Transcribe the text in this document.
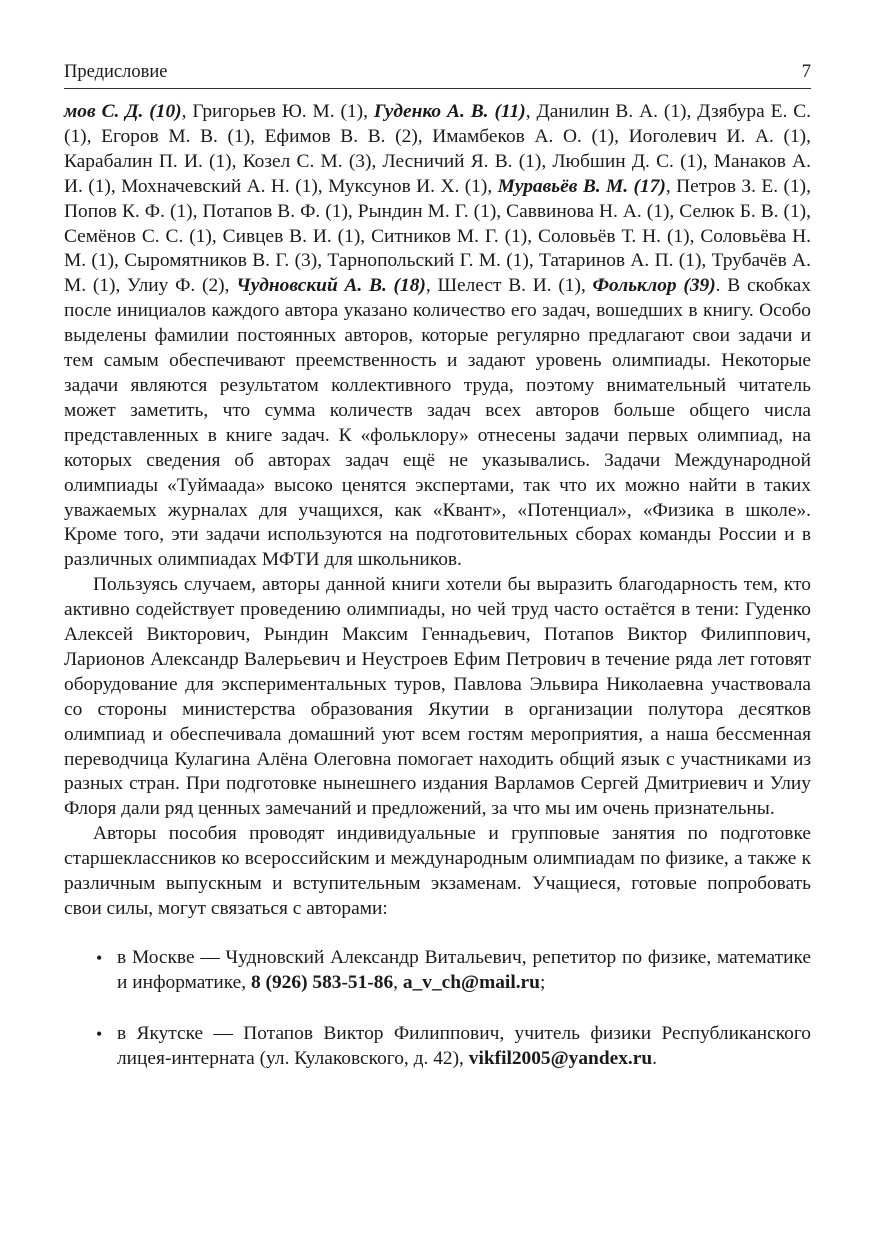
Предисловие	7

мов С. Д. (10), Григорьев Ю. М. (1), Гуденко А. В. (11), Данилин В. А. (1), Дзябура Е. С. (1), Егоров М. В. (1), Ефимов В. В. (2), Имамбеков А. О. (1), Иоголевич И. А. (1), Карабалин П. И. (1), Козел С. М. (3), Лесничий Я. В. (1), Любшин Д. С. (1), Манаков А. И. (1), Мохначевский А. Н. (1), Муксунов И. Х. (1), Муравьёв В. М. (17), Петров З. Е. (1), Попов К. Ф. (1), Потапов В. Ф. (1), Рындин М. Г. (1), Саввинова Н. А. (1), Селюк Б. В. (1), Семёнов С. С. (1), Сивцев В. И. (1), Ситников М. Г. (1), Соловьёв Т. Н. (1), Соловьёва Н. М. (1), Сыромятников В. Г. (3), Тарнопольский Г. М. (1), Татаринов А. П. (1), Трубачёв А. М. (1), Улиу Ф. (2), Чудновский А. В. (18), Шелест В. И. (1), Фольклор (39). В скобках после инициалов каждого автора указано количество его задач, вошедших в книгу. Особо выделены фамилии постоянных авторов, которые регулярно предлагают свои задачи и тем самым обеспечивают преемственность и задают уровень олимпиады. Некоторые задачи являются результатом коллективного труда, поэтому внимательный читатель может заметить, что сумма количеств задач всех авторов больше общего числа представленных в книге задач. К «фольклору» отнесены задачи первых олимпиад, на которых сведения об авторах задач ещё не указывались. Задачи Международной олимпиады «Туймаада» высоко ценятся экспертами, так что их можно найти в таких уважаемых журналах для учащихся, как «Квант», «Потенциал», «Физика в школе». Кроме того, эти задачи используются на подготовительных сборах команды России и в различных олимпиадах МФТИ для школьников.

Пользуясь случаем, авторы данной книги хотели бы выразить благодарность тем, кто активно содействует проведению олимпиады, но чей труд часто остаётся в тени: Гуденко Алексей Викторович, Рындин Максим Геннадьевич, Потапов Виктор Филиппович, Ларионов Александр Валерьевич и Неустроев Ефим Петрович в течение ряда лет готовят оборудование для экспериментальных туров, Павлова Эльвира Николаевна участвовала со стороны министерства образования Якутии в организации полутора десятков олимпиад и обеспечивала домашний уют всем гостям мероприятия, а наша бессменная переводчица Кулагина Алёна Олеговна помогает находить общий язык с участниками из разных стран. При подготовке нынешнего издания Варламов Сергей Дмитриевич и Улиу Флоря дали ряд ценных замечаний и предложений, за что мы им очень признательны.

Авторы пособия проводят индивидуальные и групповые занятия по подготовке старшеклассников ко всероссийским и международным олимпиадам по физике, а также к различным выпускным и вступительным экзаменам. Учащиеся, готовые попробовать свои силы, могут связаться с авторами:

• в Москве — Чудновский Александр Витальевич, репетитор по физике, математике и информатике, 8 (926) 583-51-86, a_v_ch@mail.ru;
• в Якутске — Потапов Виктор Филиппович, учитель физики Республиканского лицея-интерната (ул. Кулаковского, д. 42), vikfil2005@yandex.ru.
